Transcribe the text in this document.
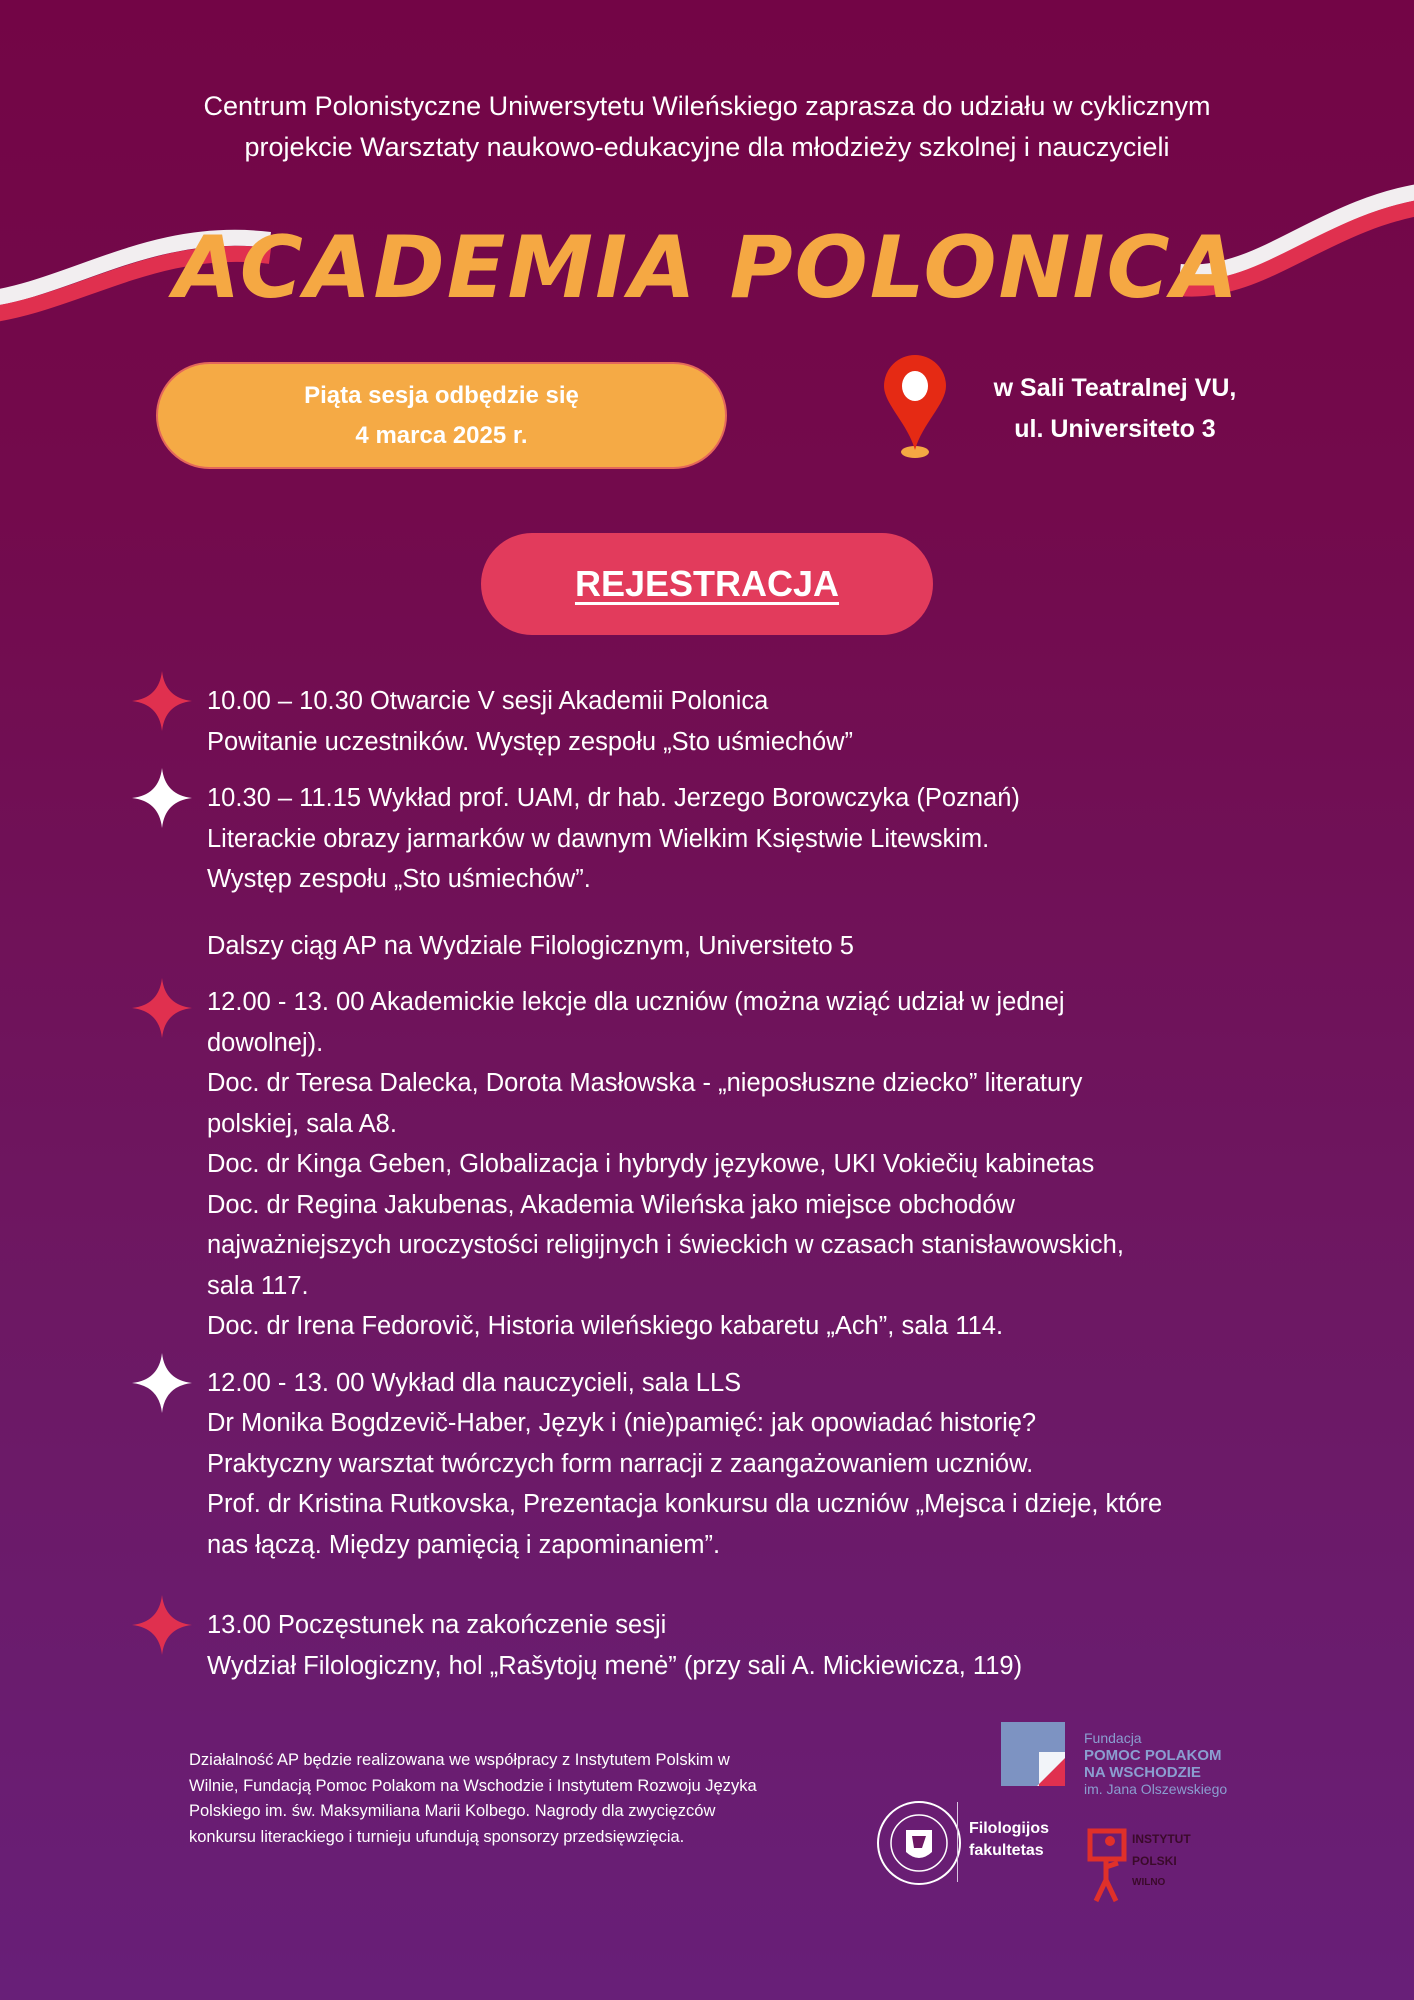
Centrum Polonistyczne Uniwersytetu Wileńskiego zaprasza do udziału w cyklicznym
projekcie Warsztaty naukowo-edukacyjne dla młodzieży szkolnej i nauczycieli
ACADEMIA POLONICA
Piąta sesja odbędzie się
4 marca 2025 r.
w Sali Teatralnej VU,
ul. Universiteto 3
REJESTRACJA

10.00 – 10.30 Otwarcie V sesji Akademii Polonica

Powitanie uczestników. Występ zespołu „Sto uśmiechów”

10.30 – 11.15 Wykład prof. UAM, dr hab. Jerzego Borowczyka (Poznań)

Literackie obrazy jarmarków w dawnym Wielkim Księstwie Litewskim.

Występ zespołu „Sto uśmiechów”.

Dalszy ciąg AP na Wydziale Filologicznym, Universiteto 5

12.00 - 13. 00 Akademickie lekcje dla uczniów (można wziąć udział w jednej

dowolnej).

Doc. dr Teresa Dalecka, Dorota Masłowska - „nieposłuszne dziecko” literatury

polskiej, sala A8.

Doc. dr Kinga Geben, Globalizacja i hybrydy językowe, UKI Vokiečių kabinetas

Doc. dr Regina Jakubenas, Akademia Wileńska jako miejsce obchodów

najważniejszych uroczystości religijnych i świeckich w czasach stanisławowskich,

sala 117.

Doc. dr Irena Fedorovič, Historia wileńskiego kabaretu „Ach”, sala 114.

12.00 - 13. 00 Wykład dla nauczycieli, sala LLS

Dr Monika Bogdzevič-Haber, Język i (nie)pamięć: jak opowiadać historię?

Praktyczny warsztat twórczych form narracji z zaangażowaniem uczniów.

Prof. dr Kristina Rutkovska, Prezentacja konkursu dla uczniów „Mejsca i dzieje, które

nas łączą. Między pamięcią i zapominaniem”.

13.00 Poczęstunek na zakończenie sesji

Wydział Filologiczny, hol „Rašytojų menė” (przy sali A. Mickiewicza, 119)

Działalność AP będzie realizowana we współpracy z Instytutem Polskim w
Wilnie, Fundacją Pomoc Polakom na Wschodzie i Instytutem Rozwoju Języka
Polskiego im. św. Maksymiliana Marii Kolbego. Nagrody dla zwycięzców
konkursu literackiego i turnieju ufundują sponsorzy przedsięwzięcia.
Fundacja
POMOC POLAKOM
NA WSCHODZIE
im. Jana Olszewskiego
Filologijos
fakultetas
INSTYTUT
POLSKI
WILNO
